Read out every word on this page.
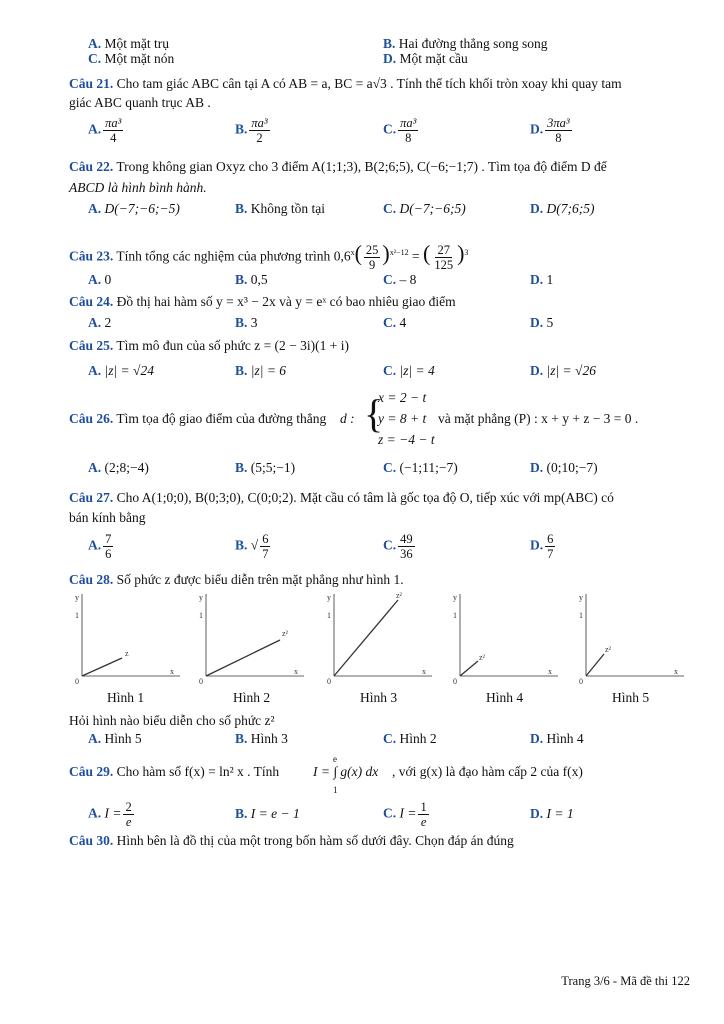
A. Một mặt trụ	B. Hai đường thẳng song song
C. Một mặt nón	D. Một mặt cầu
Câu 21. Cho tam giác ABC cân tại A có AB = a, BC = a√3 . Tính thể tích khối tròn xoay khi quay tam
giác ABC quanh trục AB .
A. $\frac{\text{πa³}}{4}$	B. $\frac{\text{πa³}}{2}$	C. $\frac{\text{πa³}}{8}$	D. $\frac{\text{3πa³}}{8}$
Câu 22. Trong không gian Oxyz cho 3 điểm A(1;1;3), B(2;6;5), C(−6;−1;7) . Tìm tọa độ điểm D để
ABCD là hình bình hành.
A. D(−7;−6;−5)	B. Không tồn tại	C. D(−7;−6;5)	D. D(7;6;5)
Câu 23. Tính tổng các nghiệm của phương trình $0,6^x( \frac{25}{9} )^{x^2-12}$ = ( $\frac{27}{125} )^3$
A. 0	B. 0,5	C. – 8	D. 1
Câu 24. Đồ thị hai hàm số y = x³ − 2x và y = eˣ có bao nhiêu giao điểm
A. 2	B. 3	C. 4	D. 5
Câu 25. Tìm mô đun của số phức z = (2 − 3i)(1 + i)
A. |z| = √24	B. |z| = 6	C. |z| = 4	D. |z| = √26
Câu 26. Tìm tọa độ giao điểm của đường thẳng d : {
x = 2 − t
y = 8 + t
z = −4 − t
và mặt phẳng (P) : x + y + z − 3 = 0 .
A. (2;8;−4)	B. (5;5;−1)	C. (−1;11;−7)	D. (0;10;−7)
Câu 27. Cho A(1;0;0), B(0;3;0), C(0;0;2). Mặt cầu có tâm là gốc tọa độ O, tiếp xúc với mp(ABC) có
bán kính bằng
A. $\frac{7}{6}$	B. √ $\frac{6}{7}$	C. $\frac{49}{36}$	D. $\frac{6}{7}$
Câu 28. Số phức z được biểu diễn trên mặt phẳng như hình 1.
y
x
0
1
z
y
x
0
1
z²
y
x
0
1
z²	y
x
0
1
z²
y
x
0
1
z²
Hình 1	Hình 2	Hình 3	Hình 4	Hình 5
Hỏi hình nào biểu diễn cho số phức z²
A. Hình 5	B. Hình 3	C. Hình 2	D. Hình 4
Câu 29. Cho hàm số f(x) = ln² x . Tính
e
I = ∫ g(x) dx
1
, với g(x) là đạo hàm cấp 2 của f(x)
A. $I = \frac{2}{e}$	B. I = e − 1	C. $I = \frac{1}{e}$	D. I = 1
Câu 30. Hình bên là đồ thị của một trong bốn hàm số dưới đây. Chọn đáp án đúng
Trang 3/6 - Mã đề thi 122
